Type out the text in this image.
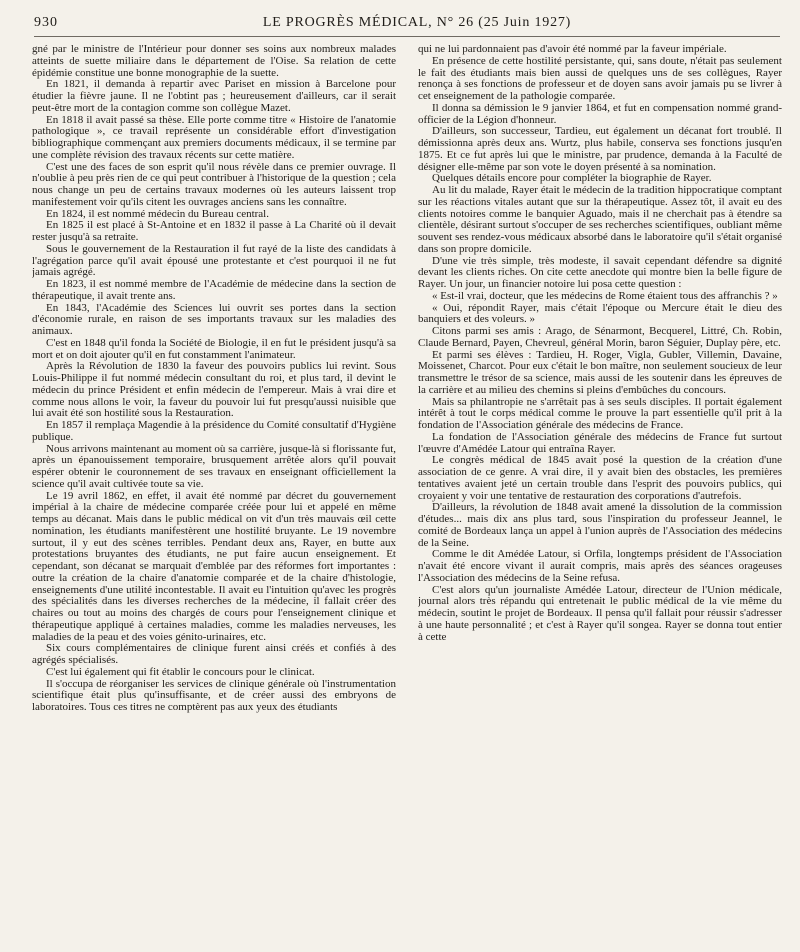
930	LE PROGRÈS MÉDICAL, N° 26 (25 Juin 1927)

gné par le ministre de l'Intérieur pour donner ses soins aux nombreux malades atteints de suette miliaire dans le département de l'Oise. Sa relation de cette épidémie constitue une bonne monographie de la suette.

En 1821, il demanda à repartir avec Pariset en mission à Barcelone pour étudier la fièvre jaune. Il ne l'obtint pas ; heureusement d'ailleurs, car il serait peut-être mort de la contagion comme son collègue Mazet.

En 1818 il avait passé sa thèse. Elle porte comme titre « Histoire de l'anatomie pathologique », ce travail représente un considérable effort d'investigation bibliographique commençant aux premiers documents médicaux, il se termine par une complète révision des travaux récents sur cette matière.

C'est une des faces de son esprit qu'il nous révèle dans ce premier ouvrage. Il n'oublie à peu près rien de ce qui peut contribuer à l'historique de la question ; cela nous change un peu de certains travaux modernes où les auteurs laissent trop manifestement voir qu'ils citent les ouvrages anciens sans les connaître.

En 1824, il est nommé médecin du Bureau central.

En 1825 il est placé à St-Antoine et en 1832 il passe à La Charité où il devait rester jusqu'à sa retraite.

Sous le gouvernement de la Restauration il fut rayé de la liste des candidats à l'agrégation parce qu'il avait épousé une protestante et c'est pourquoi il ne fut jamais agrégé.

En 1823, il est nommé membre de l'Académie de médecine dans la section de thérapeutique, il avait trente ans.

En 1843, l'Académie des Sciences lui ouvrit ses portes dans la section d'économie rurale, en raison de ses importants travaux sur les maladies des animaux.

C'est en 1848 qu'il fonda la Société de Biologie, il en fut le président jusqu'à sa mort et on doit ajouter qu'il en fut constamment l'animateur.

Après la Révolution de 1830 la faveur des pouvoirs publics lui revint. Sous Louis-Philippe il fut nommé médecin consultant du roi, et plus tard, il devint le médecin du prince Président et enfin médecin de l'empereur. Mais à vrai dire et comme nous allons le voir, la faveur du pouvoir lui fut presqu'aussi nuisible que lui avait été son hostilité sous la Restauration.

En 1857 il remplaça Magendie à la présidence du Comité consultatif d'Hygiène publique.

Nous arrivons maintenant au moment où sa carrière, jusque-là si florissante fut, après un épanouissement temporaire, brusquement arrêtée alors qu'il pouvait espérer obtenir le couronnement de ses travaux en enseignant officiellement la science qu'il avait cultivée toute sa vie.

Le 19 avril 1862, en effet, il avait été nommé par décret du gouvernement impérial à la chaire de médecine comparée créée pour lui et appelé en même temps au décanat. Mais dans le public médical on vit d'un très mauvais œil cette nomination, les étudiants manifestèrent une hostilité bruyante. Le 19 novembre surtout, il y eut des scènes terribles. Pendant deux ans, Rayer, en butte aux protestations bruyantes des étudiants, ne put faire aucun enseignement. Et cependant, son décanat se marquait d'emblée par des réformes fort importantes : outre la création de la chaire d'anatomie comparée et de la chaire d'histologie, enseignements d'une utilité incontestable. Il avait eu l'intuition qu'avec les progrès des spécialités dans les diverses recherches de la médecine, il fallait créer des chaires ou tout au moins des chargés de cours pour l'enseignement clinique et thérapeutique appliqué à certaines maladies, comme les maladies nerveuses, les maladies de la peau et des voies génito-urinaires, etc.

Six cours complémentaires de clinique furent ainsi créés et confiés à des agrégés spécialisés.

C'est lui également qui fit établir le concours pour le clinicat.

Il s'occupa de réorganiser les services de clinique générale où l'instrumentation scientifique était plus qu'insuffisante, et de créer aussi des embryons de laboratoires. Tous ces titres ne comptèrent pas aux yeux des étudiants

qui ne lui pardonnaient pas d'avoir été nommé par la faveur impériale.

En présence de cette hostilité persistante, qui, sans doute, n'était pas seulement le fait des étudiants mais bien aussi de quelques uns de ses collègues, Rayer renonça à ses fonctions de professeur et de doyen sans avoir jamais pu se livrer à cet enseignement de la pathologie comparée.

Il donna sa démission le 9 janvier 1864, et fut en compensation nommé grand-officier de la Légion d'honneur.

D'ailleurs, son successeur, Tardieu, eut également un décanat fort troublé. Il démissionna après deux ans. Wurtz, plus habile, conserva ses fonctions jusqu'en 1875. Et ce fut après lui que le ministre, par prudence, demanda à la Faculté de désigner elle-même par son vote le doyen présenté à sa nomination.

Quelques détails encore pour compléter la biographie de Rayer.

Au lit du malade, Rayer était le médecin de la tradition hippocratique comptant sur les réactions vitales autant que sur la thérapeutique. Assez tôt, il avait eu des clients notoires comme le banquier Aguado, mais il ne cherchait pas à étendre sa clientèle, désirant surtout s'occuper de ses recherches scientifiques, oubliant même souvent ses rendez-vous médicaux absorbé dans le laboratoire qu'il s'était organisé dans son propre domicile.

D'une vie très simple, très modeste, il savait cependant défendre sa dignité devant les clients riches. On cite cette anecdote qui montre bien la belle figure de Rayer. Un jour, un financier notoire lui posa cette question :

« Est-il vrai, docteur, que les médecins de Rome étaient tous des affranchis ? »

« Oui, répondit Rayer, mais c'était l'époque ou Mercure était le dieu des banquiers et des voleurs. »

Citons parmi ses amis : Arago, de Sénarmont, Becquerel, Littré, Ch. Robin, Claude Bernard, Payen, Chevreul, général Morin, baron Séguier, Duplay père, etc.

Et parmi ses élèves : Tardieu, H. Roger, Vigla, Gubler, Villemin, Davaine, Moissenet, Charcot. Pour eux c'était le bon maître, non seulement soucieux de leur transmettre le trésor de sa science, mais aussi de les soutenir dans les épreuves de la carrière et au milieu des chemins si pleins d'embûches du concours.

Mais sa philantropie ne s'arrêtait pas à ses seuls disciples. Il portait également intérêt à tout le corps médical comme le prouve la part essentielle qu'il prit à la fondation de l'Association générale des médecins de France.

La fondation de l'Association générale des médecins de France fut surtout l'œuvre d'Amédée Latour qui entraîna Rayer.

Le congrès médical de 1845 avait posé la question de la création d'une association de ce genre. A vrai dire, il y avait bien des obstacles, les premières tentatives avaient jeté un certain trouble dans l'esprit des pouvoirs publics, qui croyaient y voir une tentative de restauration des corporations d'autrefois.

D'ailleurs, la révolution de 1848 avait amené la dissolution de la commission d'études... mais dix ans plus tard, sous l'inspiration du professeur Jeannel, le comité de Bordeaux lança un appel à l'union auprès de l'Association des médecins de la Seine.

Comme le dit Amédée Latour, si Orfila, longtemps président de l'Association n'avait été encore vivant il aurait compris, mais après des séances orageuses l'Association des médecins de la Seine refusa.

C'est alors qu'un journaliste Amédée Latour, directeur de l'Union médicale, journal alors très répandu qui entretenait le public médical de la vie même du médecin, soutint le projet de Bordeaux. Il pensa qu'il fallait pour réussir s'adresser à une haute personnalité ; et c'est à Rayer qu'il songea. Rayer se donna tout entier à cette
